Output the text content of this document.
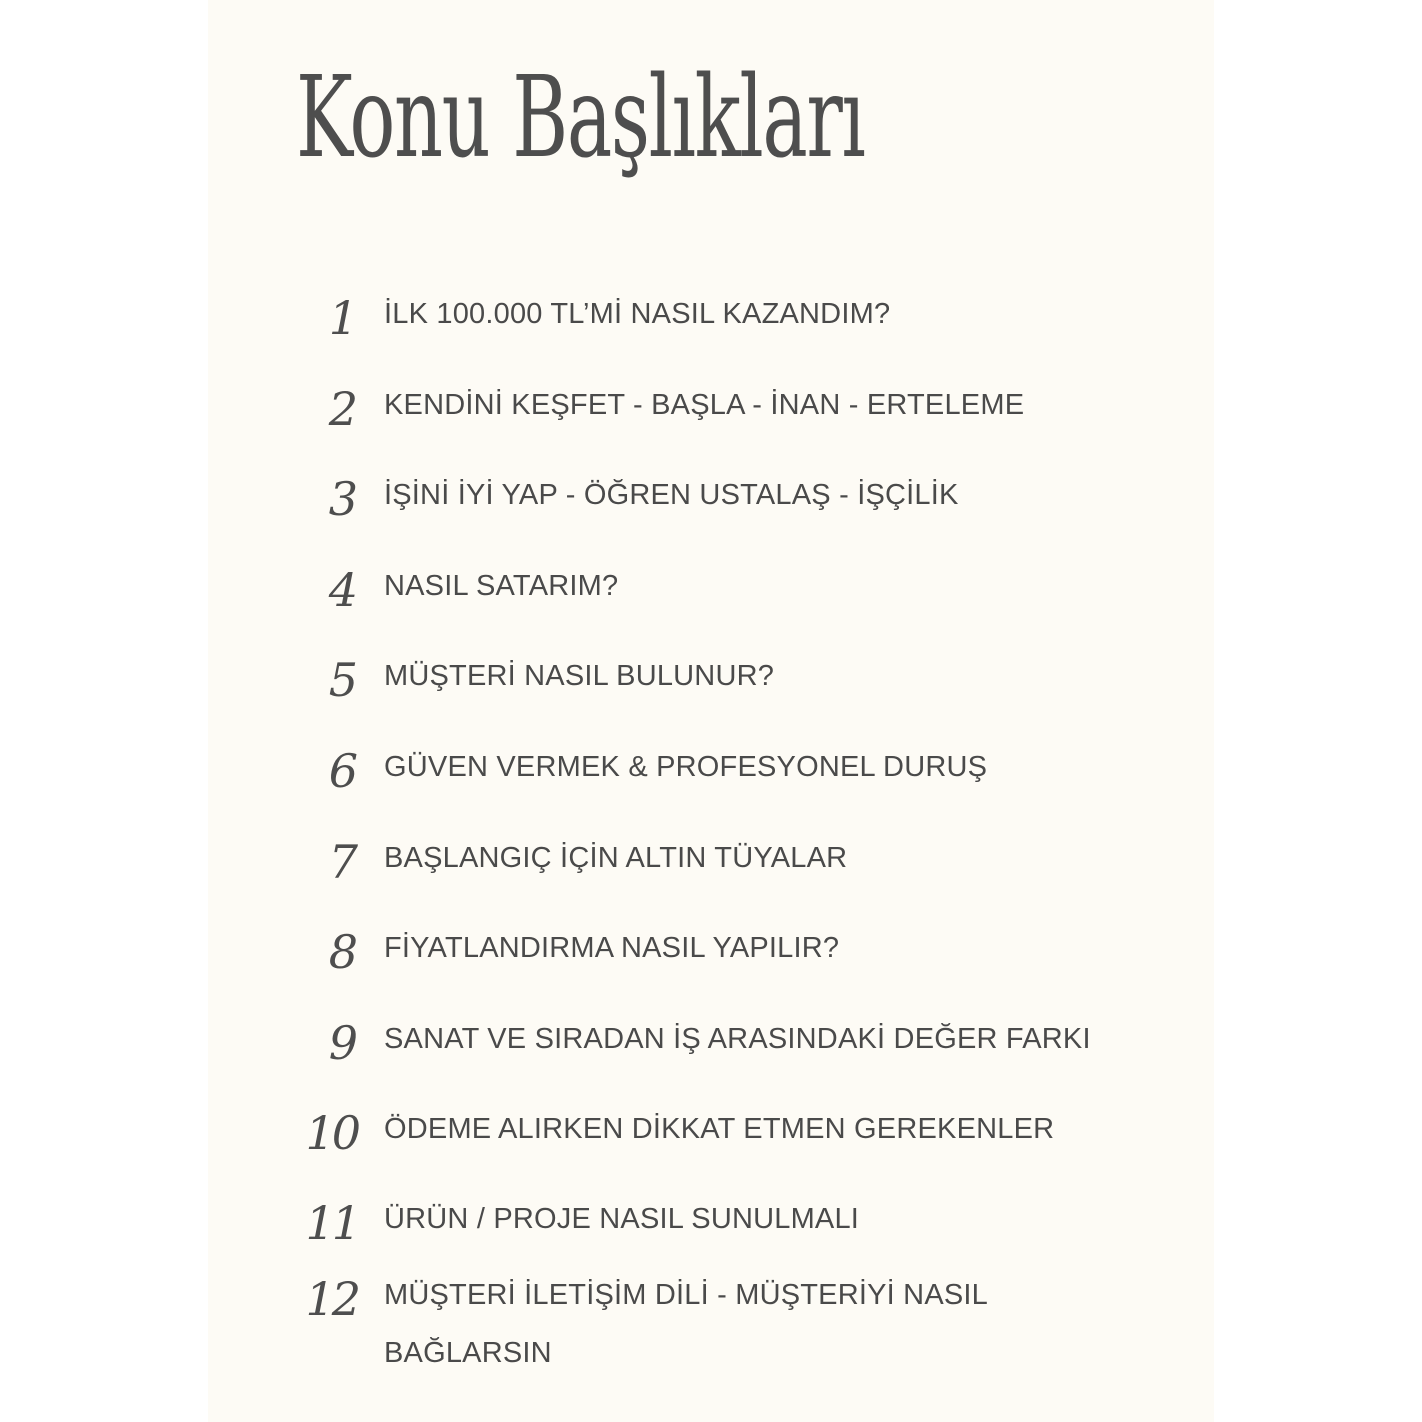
Konu Başlıkları
1 İLK 100.000 TL’Mİ NASIL KAZANDIM?
2 KENDİNİ KEŞFET - BAŞLA - İNAN - ERTELEME
3 İŞİNİ İYİ YAP - ÖĞREN USTALAŞ - İŞÇİLİK
4 NASIL SATARIM?
5 MÜŞTERİ NASIL BULUNUR?
6 GÜVEN VERMEK & PROFESYONEL DURUŞ
7 BAŞLANGIÇ İÇİN ALTIN TÜYALAR
8 FİYATLANDIRMA NASIL YAPILIR?
9 SANAT VE SIRADAN İŞ ARASINDAKİ DEĞER FARKI
10 ÖDEME ALIRKEN DİKKAT ETMEN GEREKENLER
11 ÜRÜN / PROJE NASIL SUNULMALI
12 MÜŞTERİ İLETİŞİM DİLİ - MÜŞTERİYİ NASIL BAĞLARSIN
